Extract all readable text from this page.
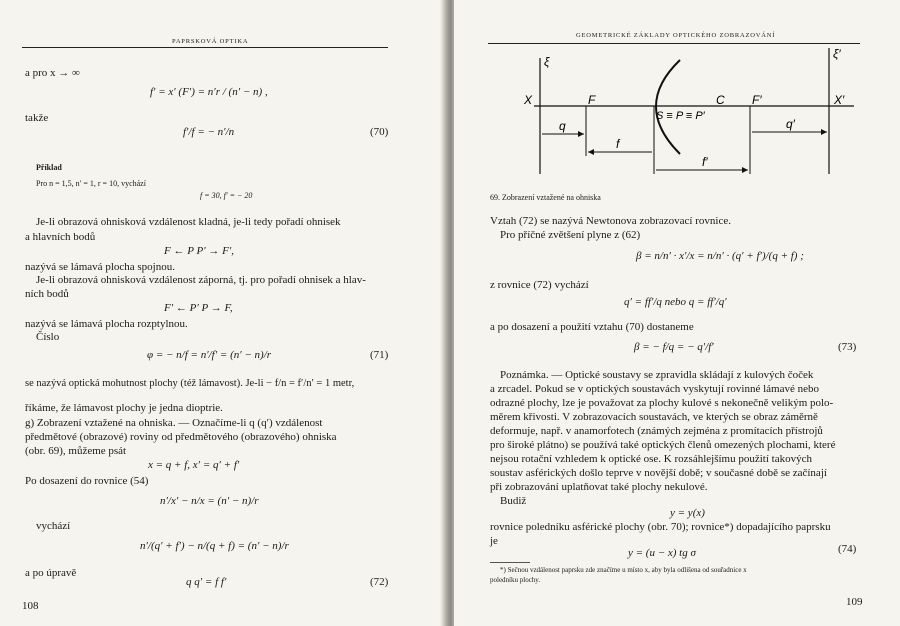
PAPRSKOVÁ OPTIKA
a pro x → ∞
f′ = x′ (F′) = n′r / (n′ − n) ,
takže
f′/f = − n′/n	(70)
Příklad
Pro n = 1,5, n′ = 1, r = 10, vychází
f = 30, f′ = − 20
Je-li obrazová ohnisková vzdálenost kladná, je-li tedy pořadí ohnisek
a hlavních bodů
F ← P P′ → F′,
nazývá se lámavá plocha spojnou.
Je-li obrazová ohnisková vzdálenost záporná, tj. pro pořadí ohnisek a hlav-
ních bodů
F′ ← P′ P → F,
nazývá se lámavá plocha rozptylnou.
Číslo
φ = − n/f = n′/f′ = (n′ − n)/r	(71)
se nazývá optická mohutnost plochy (též lámavost). Je-li − f/n = f′/n′ = 1 metr,
říkáme, že lámavost plochy je jedna dioptrie.
g) Zobrazení vztažené na ohniska. — Označíme-li q (q′) vzdálenost
předmětové (obrazové) roviny od předmětového (obrazového) ohniska
(obr. 69), můžeme psát
x = q + f, x′ = q′ + f′
Po dosazení do rovnice (54)
n′/x′ − n/x = (n′ − n)/r
vychází
n′/(q′ + f′) − n/(q + f) = (n′ − n)/r
a po úpravě
q q′ = f f′	(72)
108
GEOMETRICKÉ ZÁKLADY OPTICKÉHO ZOBRAZOVÁNÍ
ξ
ξ′
X	F
S ≡ P ≡ P′
C F′	X′
q
f
q′
f′
69. Zobrazení vztažené na ohniska
Vztah (72) se nazývá Newtonova zobrazovací rovnice.
Pro příčné zvětšení plyne z (62)
β = n/n′ · x′/x = n/n′ · (q′ + f′)/(q + f) ;
z rovnice (72) vychází
q′ = ff′/q nebo q = ff′/q′
a po dosazení a použití vztahu (70) dostaneme
β = − f/q = − q′/f′	(73)
Poznámka. — Optické soustavy se zpravidla skládají z kulových čoček
a zrcadel. Pokud se v optických soustavách vyskytují rovinné lámavé nebo
odrazné plochy, lze je považovat za plochy kulové s nekonečně velikým polo-
měrem křivosti. V zobrazovacích soustavách, ve kterých se obraz záměrně
deformuje, např. v anamorfotech (známých zejména z promítacích přístrojů
pro široké plátno) se používá také optických členů omezených plochami, které
nejsou rotační vzhledem k optické ose. K rozsáhlejšímu použití takových
soustav asférických došlo teprve v novější době; v současné době se začínají
při zobrazování uplatňovat také plochy nekulové.
Budiž
y = y(x)
rovnice poledníku asférické plochy (obr. 70); rovnice*) dopadajícího paprsku
je
y = (u − x) tg σ	(74)
*) Sečnou vzdálenost paprsku zde značíme u místo x, aby byla odlišena od souřadnice x
poledníku plochy.
109
